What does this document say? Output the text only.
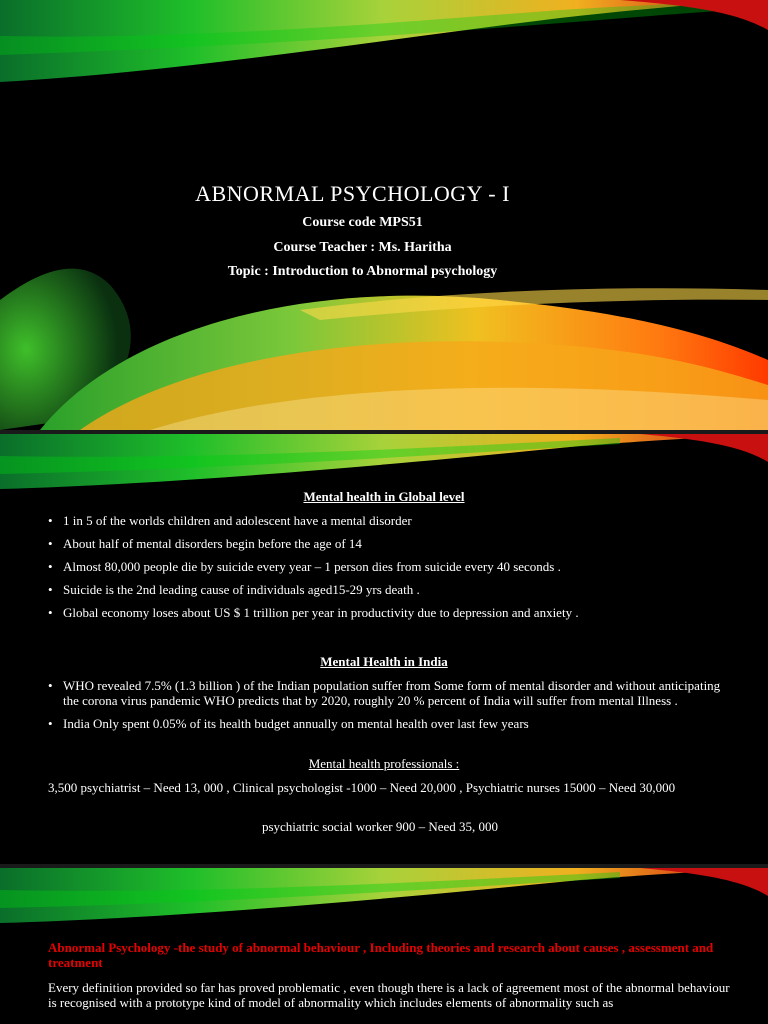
ABNORMAL PSYCHOLOGY - I
Course code MPS51
Course Teacher : Ms. Haritha
Topic : Introduction to Abnormal psychology
Mental health in Global level
• 1 in 5 of the worlds children and adolescent have a mental disorder
• About half of mental disorders begin before the age of 14
• Almost 80,000 people die by suicide every year – 1 person dies from suicide every 40 seconds .
• Suicide is the 2nd leading cause of individuals aged15-29 yrs death .
• Global economy loses about US $ 1 trillion per year in productivity due to depression and anxiety .
Mental Health in India
• WHO revealed 7.5% (1.3 billion ) of the Indian population suffer from Some form of mental disorder and without anticipating the corona virus pandemic WHO predicts that by 2020, roughly 20 % percent of India will suffer from mental Illness .
• India Only spent 0.05% of its health budget annually on mental health over last few years
Mental health professionals :
3,500 psychiatrist – Need 13, 000 , Clinical psychologist -1000 – Need 20,000 , Psychiatric nurses 15000 – Need 30,000
psychiatric social worker 900 – Need 35, 000
Abnormal Psychology -the study of abnormal behaviour , Including theories and research about causes , assessment and treatment
Every definition provided so far has proved problematic , even though there is a lack of agreement most of the abnormal behaviour is recognised with a prototype kind of model of abnormality which includes elements of abnormality such as
